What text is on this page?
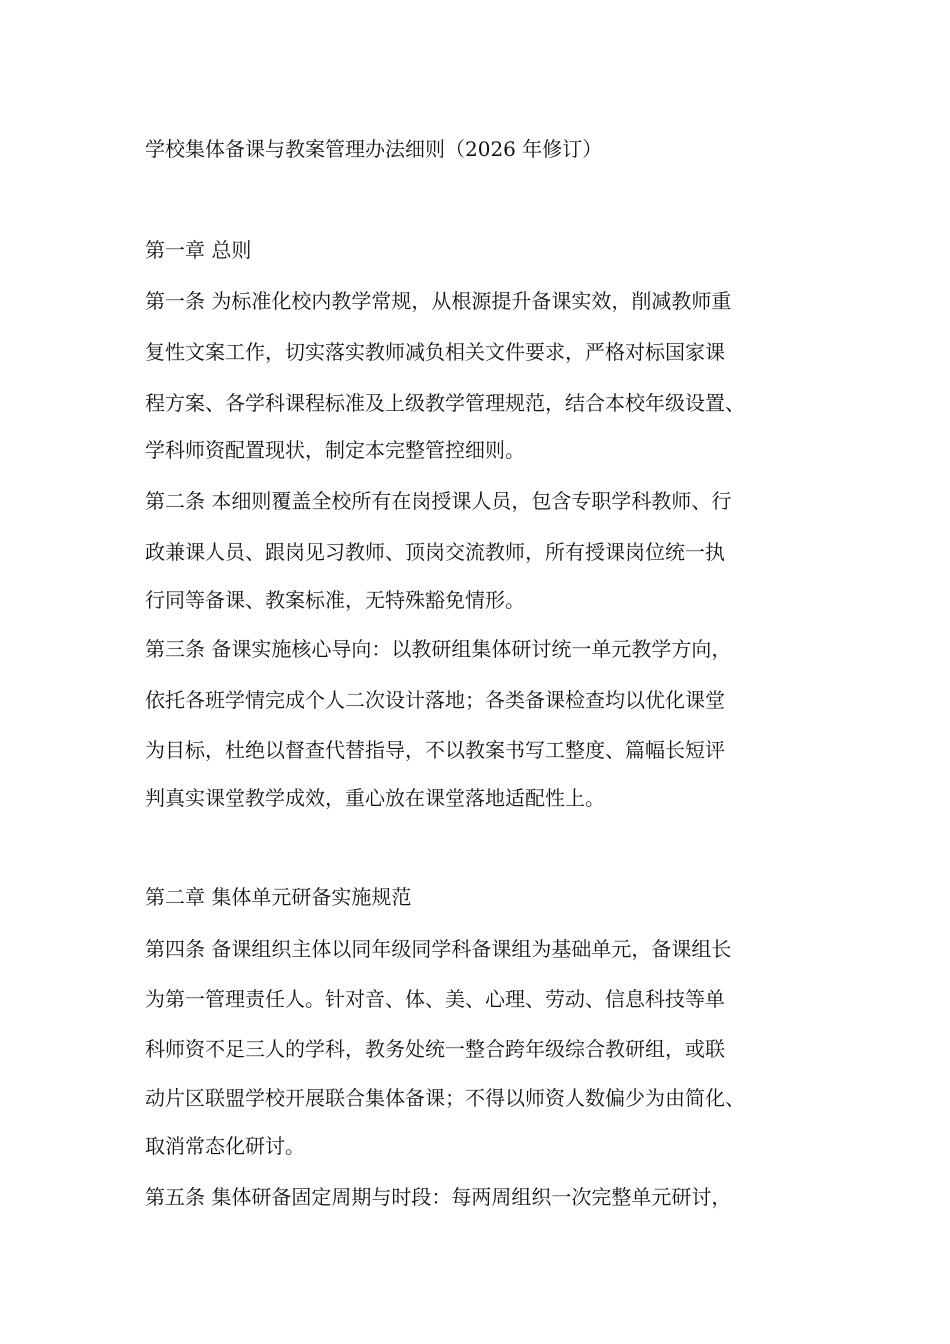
学校集体备课与教案管理办法细则（2026 年修订）
第一章 总则
第一条 为标准化校内教学常规，从根源提升备课实效，削减教师重
复性文案工作，切实落实教师减负相关文件要求，严格对标国家课
程方案、各学科课程标准及上级教学管理规范，结合本校年级设置、
学科师资配置现状，制定本完整管控细则。
第二条 本细则覆盖全校所有在岗授课人员，包含专职学科教师、行
政兼课人员、跟岗见习教师、顶岗交流教师，所有授课岗位统一执
行同等备课、教案标准，无特殊豁免情形。
第三条 备课实施核心导向：以教研组集体研讨统一单元教学方向，
依托各班学情完成个人二次设计落地；各类备课检查均以优化课堂
为目标，杜绝以督查代替指导，不以教案书写工整度、篇幅长短评
判真实课堂教学成效，重心放在课堂落地适配性上。
第二章 集体单元研备实施规范
第四条 备课组织主体以同年级同学科备课组为基础单元，备课组长
为第一管理责任人。针对音、体、美、心理、劳动、信息科技等单
科师资不足三人的学科，教务处统一整合跨年级综合教研组，或联
动片区联盟学校开展联合集体备课；不得以师资人数偏少为由简化、
取消常态化研讨。
第五条 集体研备固定周期与时段：每两周组织一次完整单元研讨，
